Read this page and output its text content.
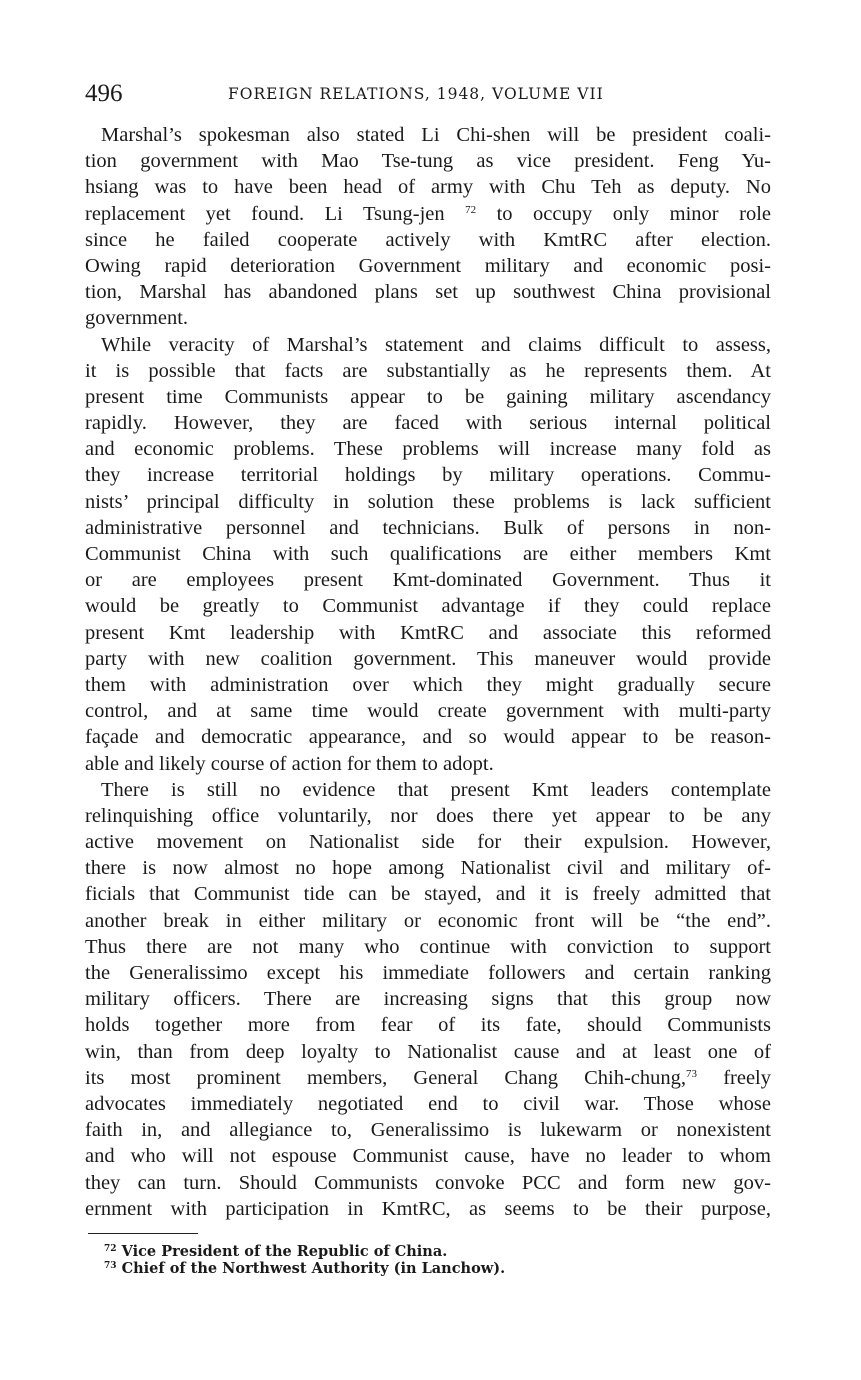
496	FOREIGN RELATIONS, 1948, VOLUME VII
Marshal’s spokesman also stated Li Chi-shen will be president coali-
tion government with Mao Tse-tung as vice president. Feng Yu-
hsiang was to have been head of army with Chu Teh as deputy. No
replacement yet found. Li Tsung-jen $^{72}$ to occupy only minor role
since he failed cooperate actively with KmtRC after election.
Owing rapid deterioration Government military and economic posi-
tion, Marshal has abandoned plans set up southwest China provisional
government.
While veracity of Marshal’s statement and claims difficult to assess,
it is possible that facts are substantially as he represents them. At
present time Communists appear to be gaining military ascendancy
rapidly. However, they are faced with serious internal political
and economic problems. These problems will increase many fold as
they increase territorial holdings by military operations. Commu-
nists’ principal difficulty in solution these problems is lack sufficient
administrative personnel and technicians. Bulk of persons in non-
Communist China with such qualifications are either members Kmt
or are employees present Kmt-dominated Government. Thus it
would be greatly to Communist advantage if they could replace
present Kmt leadership with KmtRC and associate this reformed
party with new coalition government. This maneuver would provide
them with administration over which they might gradually secure
control, and at same time would create government with multi-party
façade and democratic appearance, and so would appear to be reason-
able and likely course of action for them to adopt.
There is still no evidence that present Kmt leaders contemplate
relinquishing office voluntarily, nor does there yet appear to be any
active movement on Nationalist side for their expulsion. However,
there is now almost no hope among Nationalist civil and military of-
ficials that Communist tide can be stayed, and it is freely admitted that
another break in either military or economic front will be “the end”.
Thus there are not many who continue with conviction to support
the Generalissimo except his immediate followers and certain ranking
military officers. There are increasing signs that this group now
holds together more from fear of its fate, should Communists
win, than from deep loyalty to Nationalist cause and at least one of
its most prominent members, General Chang Chih-chung,$^{73}$ freely
advocates immediately negotiated end to civil war. Those whose
faith in, and allegiance to, Generalissimo is lukewarm or nonexistent
and who will not espouse Communist cause, have no leader to whom
they can turn. Should Communists convoke PCC and form new gov-
ernment with participation in KmtRC, as seems to be their purpose,
$^{72}$ Vice President of the Republic of China.
$^{73}$ Chief of the Northwest Authority (in Lanchow).
